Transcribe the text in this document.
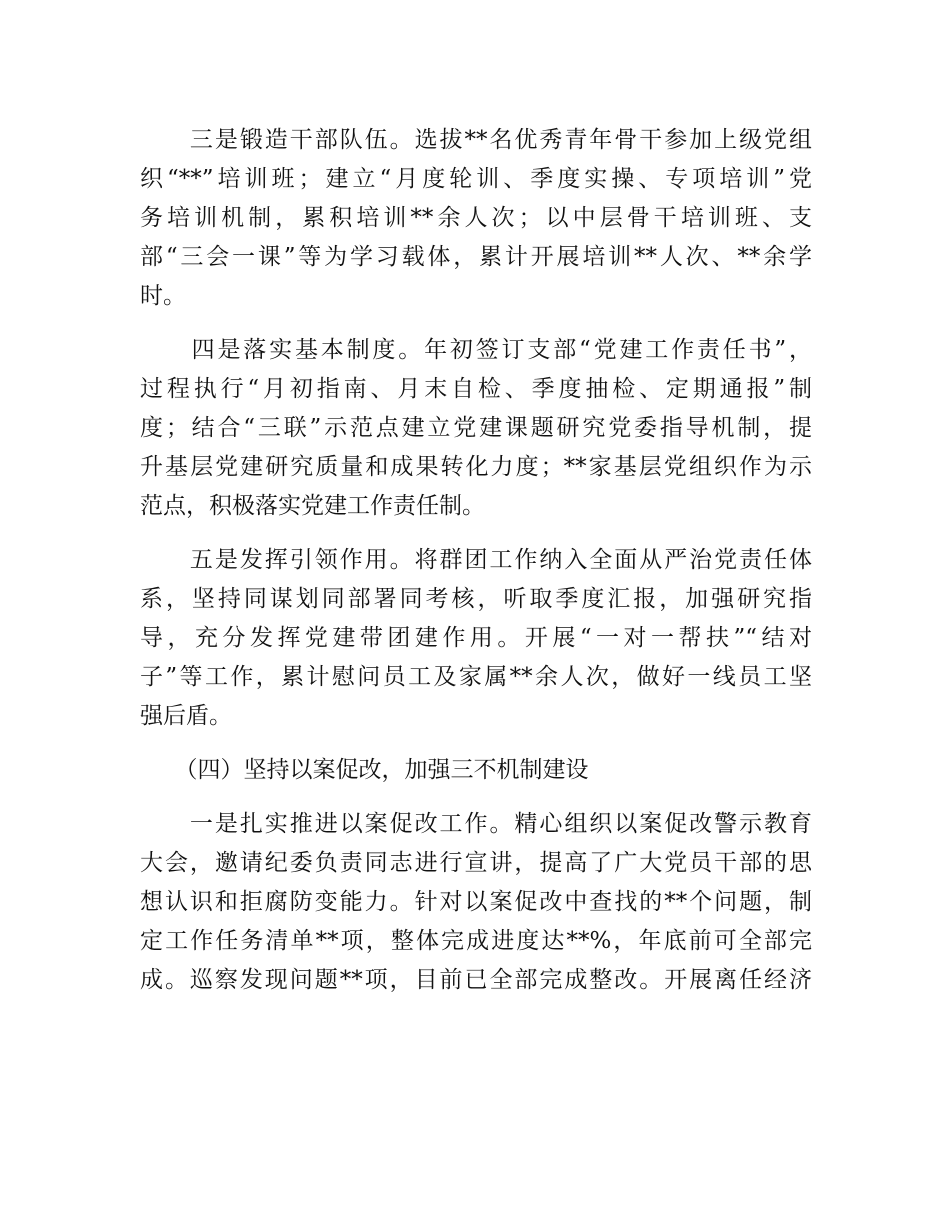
　　三是锻造干部队伍。选拔**名优秀青年骨干参加上级党组
织“**”培训班；建立“月度轮训、季度实操、专项培训”党
务培训机制，累积培训**余人次；以中层骨干培训班、支
部“三会一课”等为学习载体，累计开展培训**人次、**余学
时。
　　四是落实基本制度。年初签订支部“党建工作责任书”，
过程执行“月初指南、月末自检、季度抽检、定期通报”制
度；结合“三联”示范点建立党建课题研究党委指导机制，提
升基层党建研究质量和成果转化力度；**家基层党组织作为示
范点，积极落实党建工作责任制。
　　五是发挥引领作用。将群团工作纳入全面从严治党责任体
系，坚持同谋划同部署同考核，听取季度汇报，加强研究指
导，充分发挥党建带团建作用。开展“一对一帮扶”“结对
子”等工作，累计慰问员工及家属**余人次，做好一线员工坚
强后盾。
　　（四）坚持以案促改，加强三不机制建设
　　一是扎实推进以案促改工作。精心组织以案促改警示教育
大会，邀请纪委负责同志进行宣讲，提高了广大党员干部的思
想认识和拒腐防变能力。针对以案促改中查找的**个问题，制
定工作任务清单**项，整体完成进度达**%，年底前可全部完
成。巡察发现问题**项，目前已全部完成整改。开展离任经济
